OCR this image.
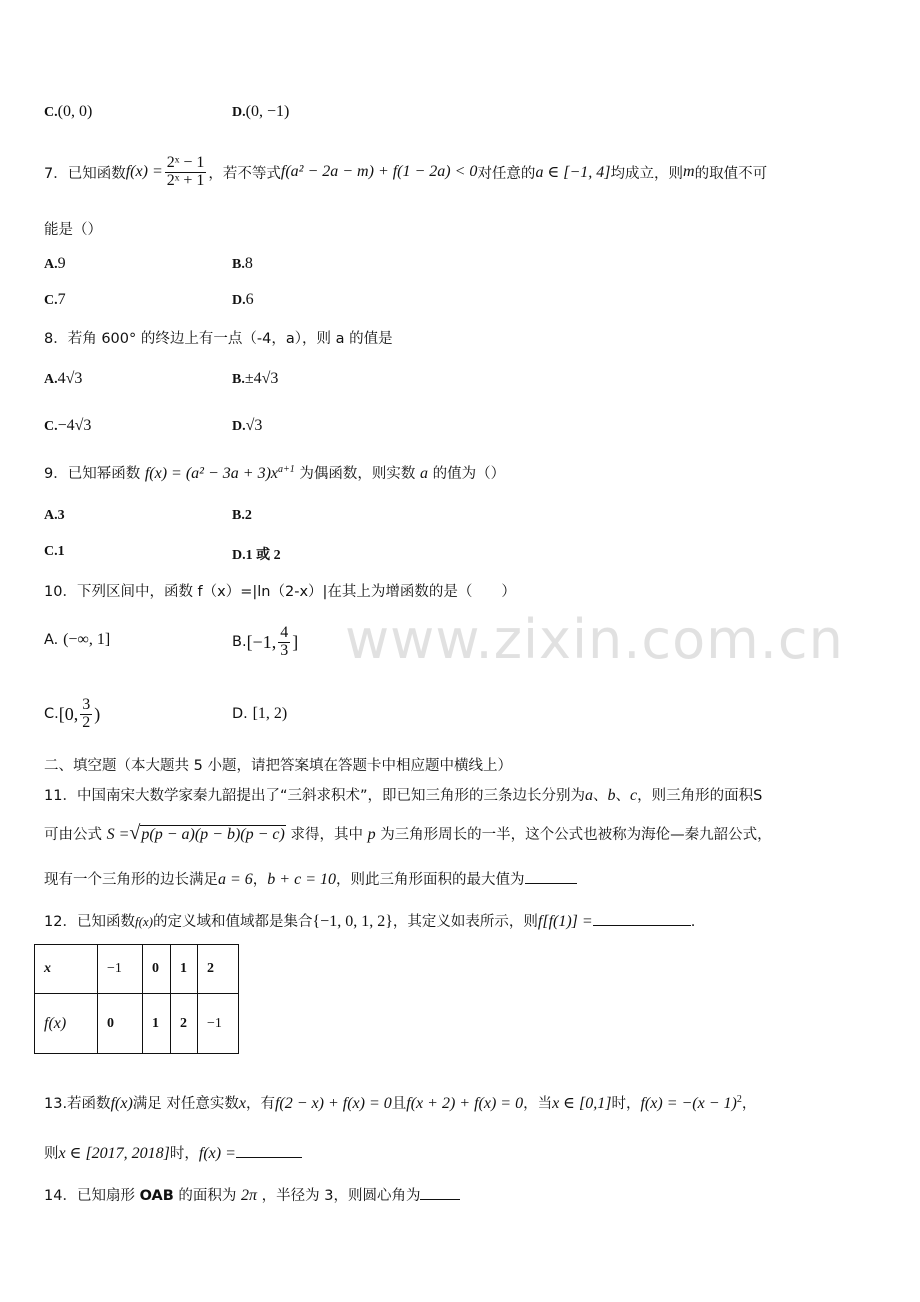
www.zixin.com.cn
C.(0, 0)	D.(0, −1)
7．已知函数 $f(x) = \frac{\text{2ˣ − 1}}{\text{2ˣ + 1}}$ ，若不等式 f(a² − 2a − m) + f(1 − 2a) < 0 对任意的 a ∈ [−1, 4] 均成立，则 m 的取值不可
能是（）
A.9	B.8
C.7	D.6
8．若角 600° 的终边上有一点（-4，a），则 a 的值是
A.4√3	B.±4√3
C.−4√3	D.√3
9．已知幂函数 $f(x) = (a^2 - 3a + 3)x^{a+1}$ 为偶函数，则实数 a 的值为（）
A.3	B.2
C.1	D.1 或 2
10．下列区间中，函数 f（x）=|ln（2-x）|在其上为增函数的是（　　）
A. (−∞, 1]	B. [−1, $\frac{4}{3}$ ]
C. [0, $\frac{3}{2}$ )	D. [1, 2)
二、填空题（本大题共 5 小题，请把答案填在答题卡中相应题中横线上）
11．中国南宋大数学家秦九韶提出了“三斜求积术”，即已知三角形的三条边长分别为a、b、c，则三角形的面积S
可由公式 S =√p(p − a)(p − b)(p − c) 求得，其中 p 为三角形周长的一半，这个公式也被称为海伦—秦九韶公式，
现有一个三角形的边长满足a = 6，b + c = 10，则此三角形面积的最大值为
12．已知函数f(x)的定义域和值域都是集合{−1, 0, 1, 2}，其定义如表所示，则f[f(1)] =	.
x	−1	0	1	2
f(x)	0	1	2	−1
13.若函数f(x)满足 对任意实数x，有f(2 − x) + f(x) = 0且f(x + 2) + f(x) = 0，当x ∈ [0,1]时，$f(x) = -(x - 1)^2$，
则x ∈ [2017, 2018]时，f(x) =
14．已知扇形 OAB 的面积为 2π ，半径为 3，则圆心角为
